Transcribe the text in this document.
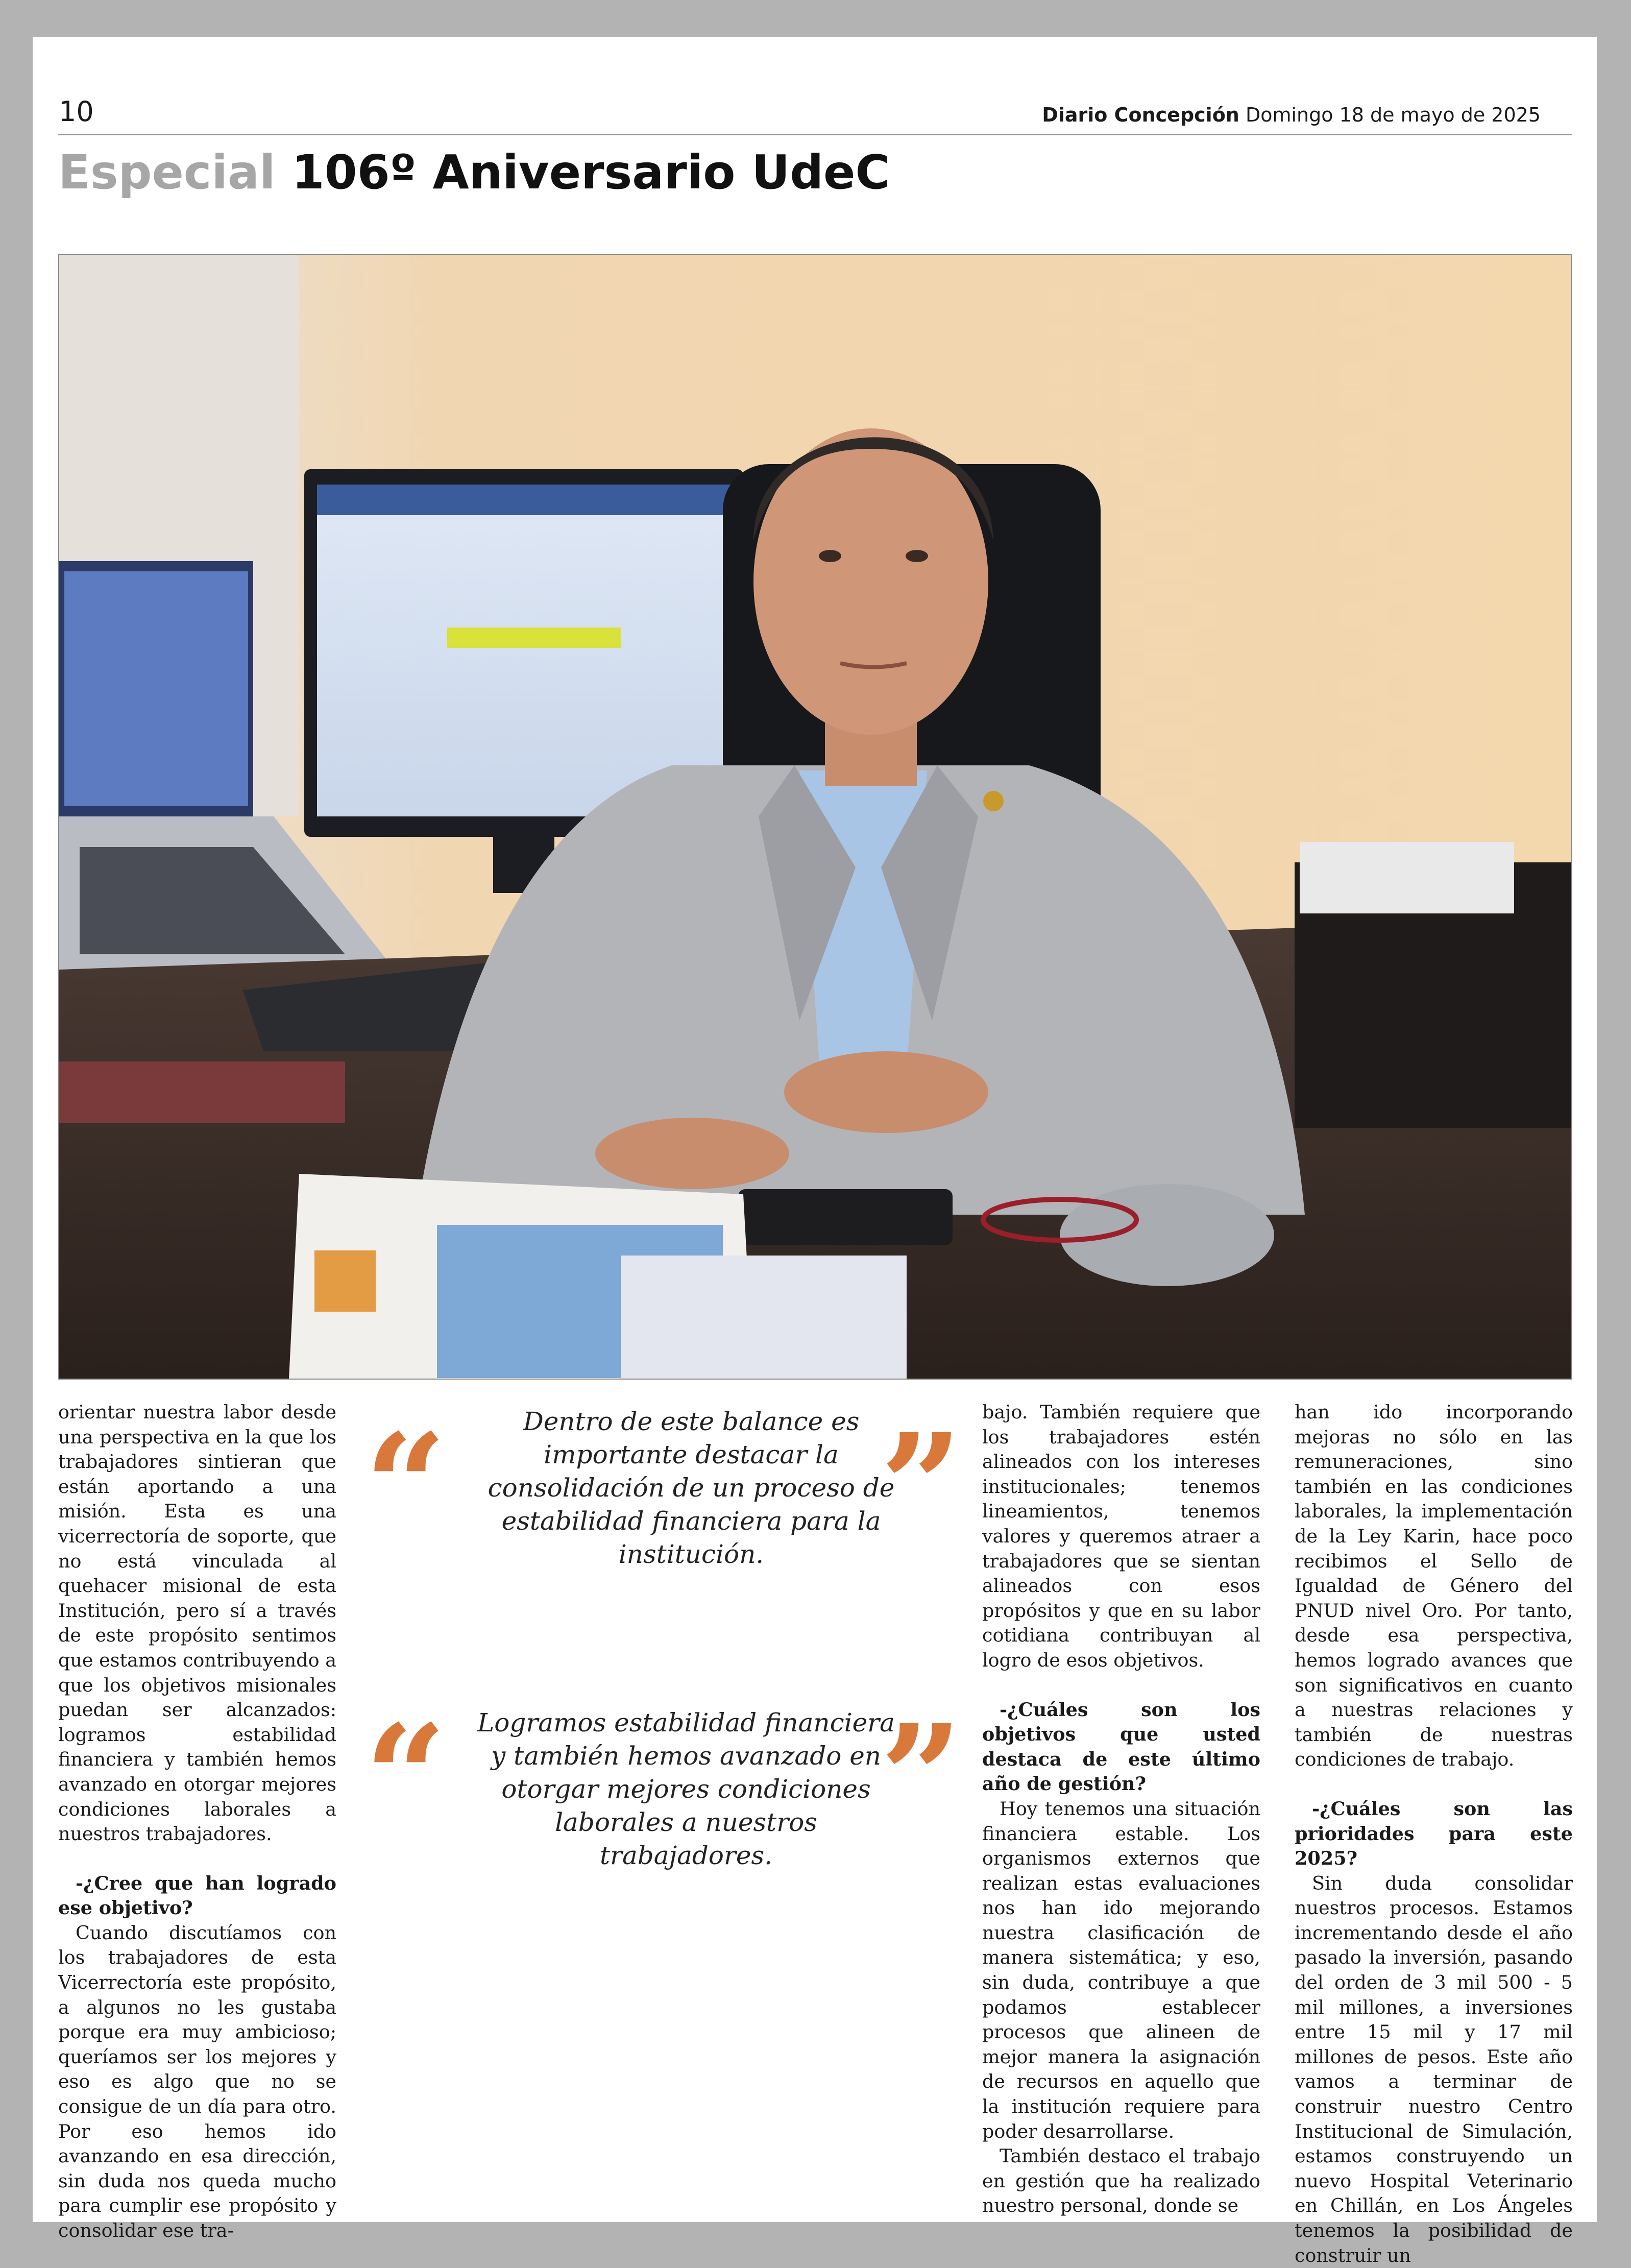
10	Diario Concepción Domingo 18 de mayo de 2025
Especial 106º Aniversario UdeC

orientar nuestra labor desde una perspectiva en la que los trabajadores sintieran que están aportando a una misión. Esta es una vicerrectoría de soporte, que no está vinculada al quehacer misional de esta Institución, pero sí a través de este propósito sentimos que estamos contribuyendo a que los objetivos misionales puedan ser alcanzados: logramos estabilidad financiera y también hemos avanzado en otorgar mejores condiciones laborales a nuestros trabajadores.

-¿Cree que han logrado ese objetivo?

Cuando discutíamos con los trabajadores de esta Vicerrectoría este propósito, a algunos no les gustaba porque era muy ambicioso; queríamos ser los mejores y eso es algo que no se consigue de un día para otro. Por eso hemos ido avanzando en esa dirección, sin duda nos queda mucho para cumplir ese propósito y consolidar ese tra-

“	Dentro de este balance es importante destacar la consolidación de un proceso de estabilidad financiera para la institución. ”
“ Logramos estabilidad financiera y también hemos avanzado en otorgar mejores condiciones laborales a nuestros trabajadores. ”

bajo. También requiere que los trabajadores estén alineados con los intereses institucionales; tenemos lineamientos, tenemos valores y queremos atraer a trabajadores que se sientan alineados con esos propósitos y que en su labor cotidiana contribuyan al logro de esos objetivos.

-¿Cuáles son los objetivos que usted destaca de este último año de gestión?

Hoy tenemos una situación financiera estable. Los organismos externos que realizan estas evaluaciones nos han ido mejorando nuestra clasificación de manera sistemática; y eso, sin duda, contribuye a que podamos establecer procesos que alineen de mejor manera la asignación de recursos en aquello que la institución requiere para poder desarrollarse.

También destaco el trabajo en gestión que ha realizado nuestro personal, donde se

han ido incorporando mejoras no sólo en las remuneraciones, sino también en las condiciones laborales, la implementación de la Ley Karin, hace poco recibimos el Sello de Igualdad de Género del PNUD nivel Oro. Por tanto, desde esa perspectiva, hemos logrado avances que son significativos en cuanto a nuestras relaciones y también de nuestras condiciones de trabajo.

-¿Cuáles son las prioridades para este 2025?

Sin duda consolidar nuestros procesos. Estamos incrementando desde el año pasado la inversión, pasando del orden de 3 mil 500 - 5 mil millones, a inversiones entre 15 mil y 17 mil millones de pesos. Este año vamos a terminar de construir nuestro Centro Institucional de Simulación, estamos construyendo un nuevo Hospital Veterinario en Chillán, en Los Ángeles tenemos la posibilidad de construir un
